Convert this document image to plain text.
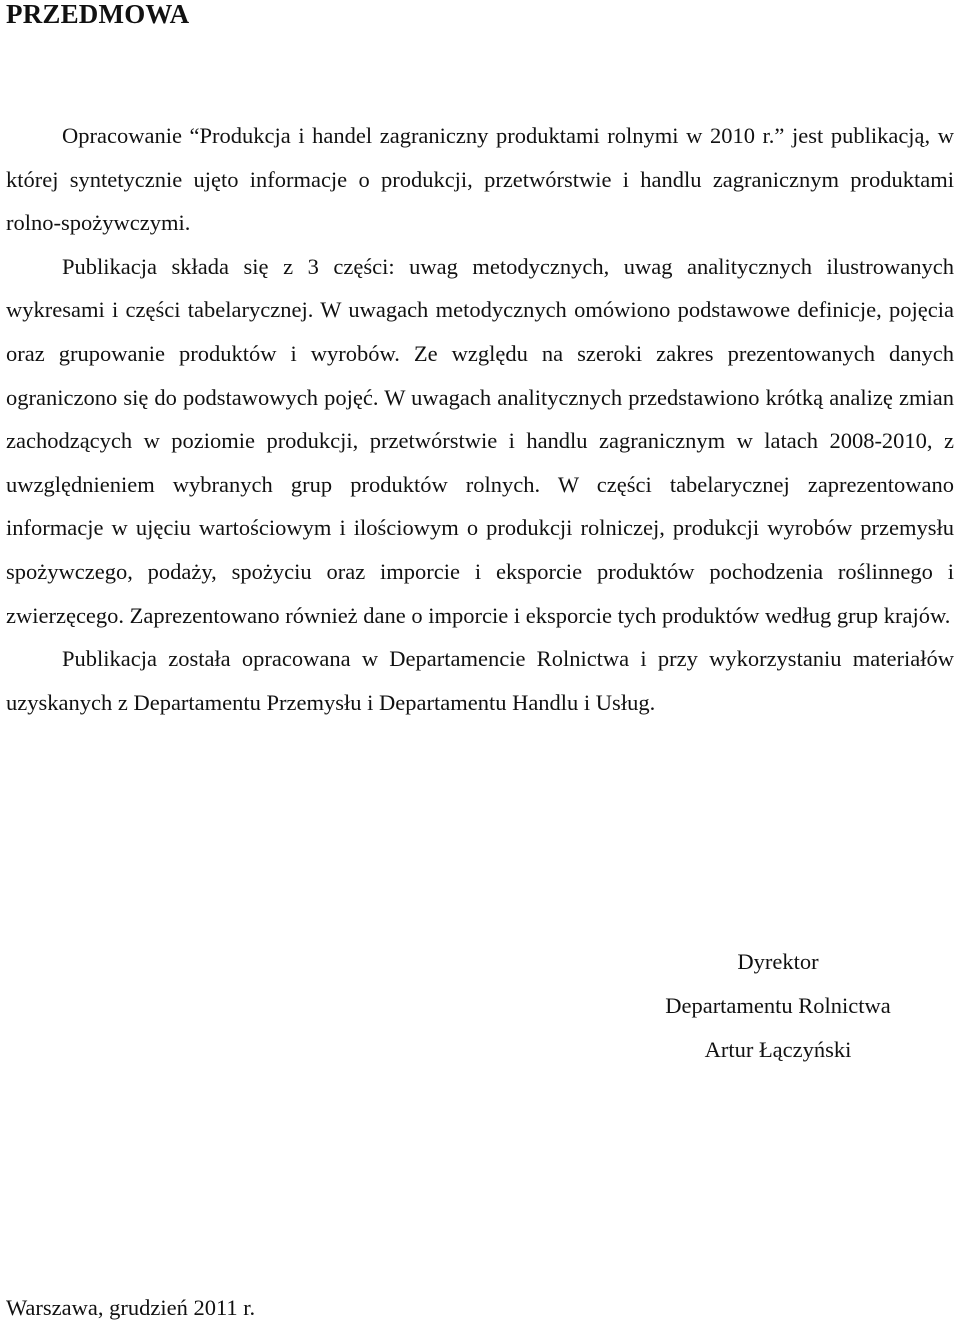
PRZEDMOWA

Opracowanie “Produkcja i handel zagraniczny produktami rolnymi w 2010 r.” jest publikacją, w której syntetycznie ujęto informacje o produkcji, przetwórstwie i handlu zagranicznym produktami rolno-spożywczymi.

Publikacja składa się z 3 części: uwag metodycznych, uwag analitycznych ilustrowanych wykresami i części tabelarycznej. W uwagach metodycznych omówiono podstawowe definicje, pojęcia oraz grupowanie produktów i wyrobów. Ze względu na szeroki zakres prezentowanych danych ograniczono się do podstawowych pojęć. W uwagach analitycznych przedstawiono krótką analizę zmian zachodzących w poziomie produkcji, przetwórstwie i handlu zagranicznym w latach 2008-2010, z uwzględnieniem wybranych grup produktów rolnych. W części tabelarycznej zaprezentowano informacje w ujęciu wartościowym i ilościowym o produkcji rolniczej, produkcji wyrobów przemysłu spożywczego, podaży, spożyciu oraz imporcie i eksporcie produktów pochodzenia roślinnego i zwierzęcego. Zaprezentowano również dane o imporcie i eksporcie tych produktów według grup krajów.

Publikacja została opracowana w Departamencie Rolnictwa i przy wykorzystaniu materiałów uzyskanych z Departamentu Przemysłu i Departamentu Handlu i Usług.

Dyrektor
Departamentu Rolnictwa
Artur Łączyński
Warszawa, grudzień 2011 r.
